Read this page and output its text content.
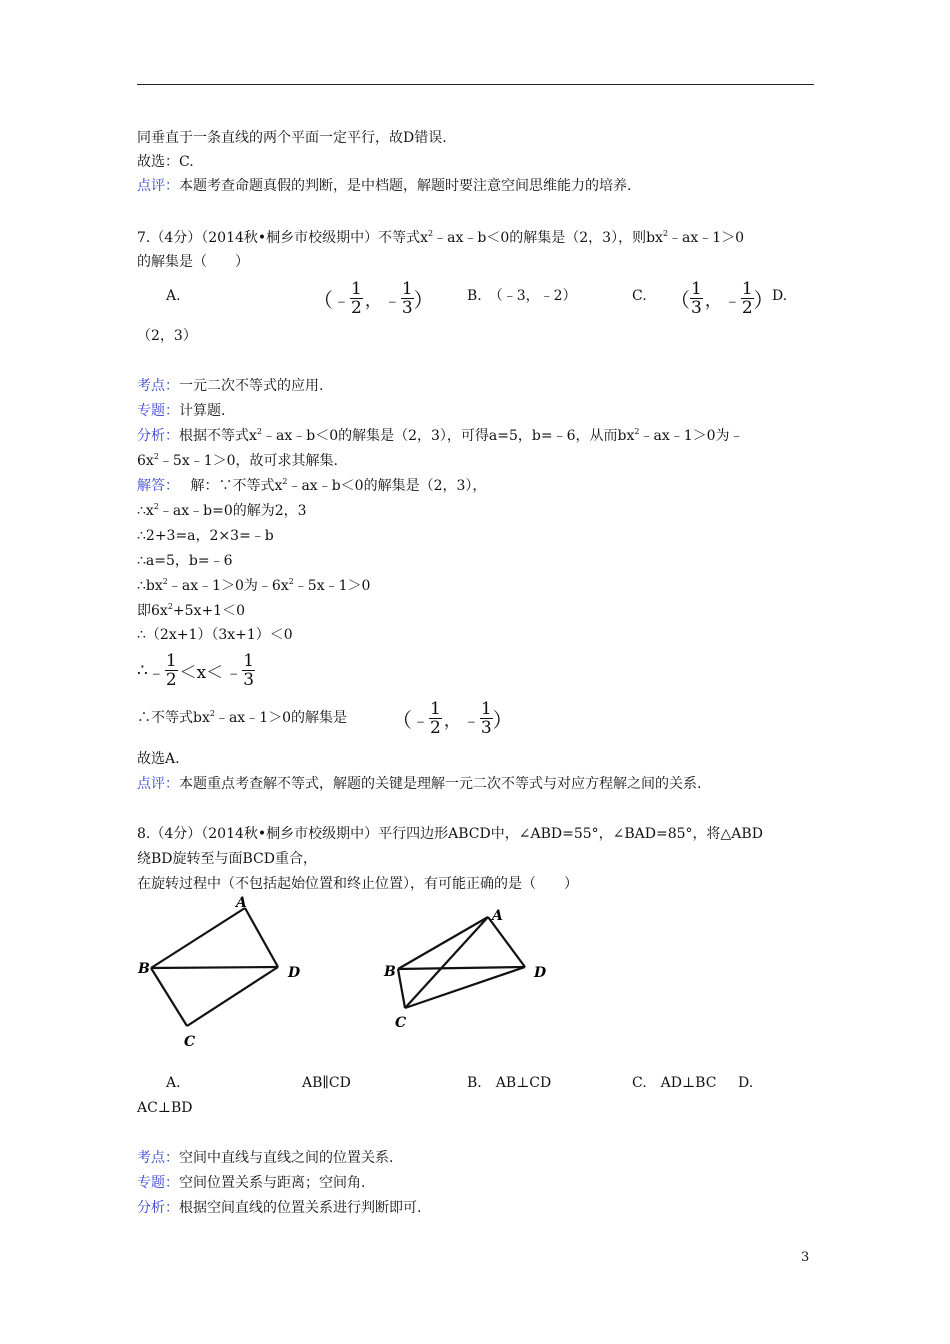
同垂直于一条直线的两个平面一定平行，故D错误.
故选：C.
点评：本题考查命题真假的判断，是中档题，解题时要注意空间思维能力的培养.
7.（4分）（2014秋•桐乡市校级期中）不等式$x^2﹣ax﹣b<0$的解集是（2，3），则$bx^2﹣ax﹣1>0$
的解集是（　　）
A.	（ ﹣ $\frac{1}{2}$ ， ﹣ $\frac{1}{3}$ ） B.　（﹣3，﹣2）	C. （ $\frac{1}{3}$ ， ﹣ $\frac{1}{2}$ ）
D.
（2，3）
考点：一元二次不等式的应用.
专题：计算题.
分析：根据不等式$x^2﹣ax﹣b<0$的解集是（2，3），可得a=5，b=﹣6，从而$bx^2﹣ax﹣1>0$为﹣
$6x^2﹣5x﹣1>0$，故可求其解集.
解答：　 解：∵不等式$x^2﹣ax﹣b<0$的解集是（2，3），
$\therefore x^2﹣ax﹣b=0$的解为2，3
∴2+3=a，2×3=﹣b
∴a=5，b=﹣6
$\therefore bx^2﹣ax﹣1>0$为$﹣6x^2﹣5x﹣1>0$
即$6x^2+5x+1<0$
∴（2x+1）（3x+1）＜0
∴ ﹣ $\frac{1}{2} <x<$ ﹣ $\frac{1}{3}$
∴不等式$bx^2﹣ax﹣1>0$的解集是 （ ﹣ $\frac{1}{2}$ ， ﹣ $\frac{1}{3}$ ）
故选A.
点评：本题重点考查解不等式，解题的关键是理解一元二次不等式与对应方程解之间的关系.
8.（4分）（2014秋•桐乡市校级期中）平行四边形ABCD中，∠ABD=55°，∠BAD=85°，将△ABD
绕BD旋转至与面BCD重合，
在旋转过程中（不包括起始位置和终止位置），有可能正确的是（　　）
A
B	D
C
A
B	D
C
A.	AB∥CD	B.　AB⊥CD	C.　AD⊥BC D.
AC⊥BD
考点：空间中直线与直线之间的位置关系.
专题：空间位置关系与距离；空间角.
分析：根据空间直线的位置关系进行判断即可.
3
